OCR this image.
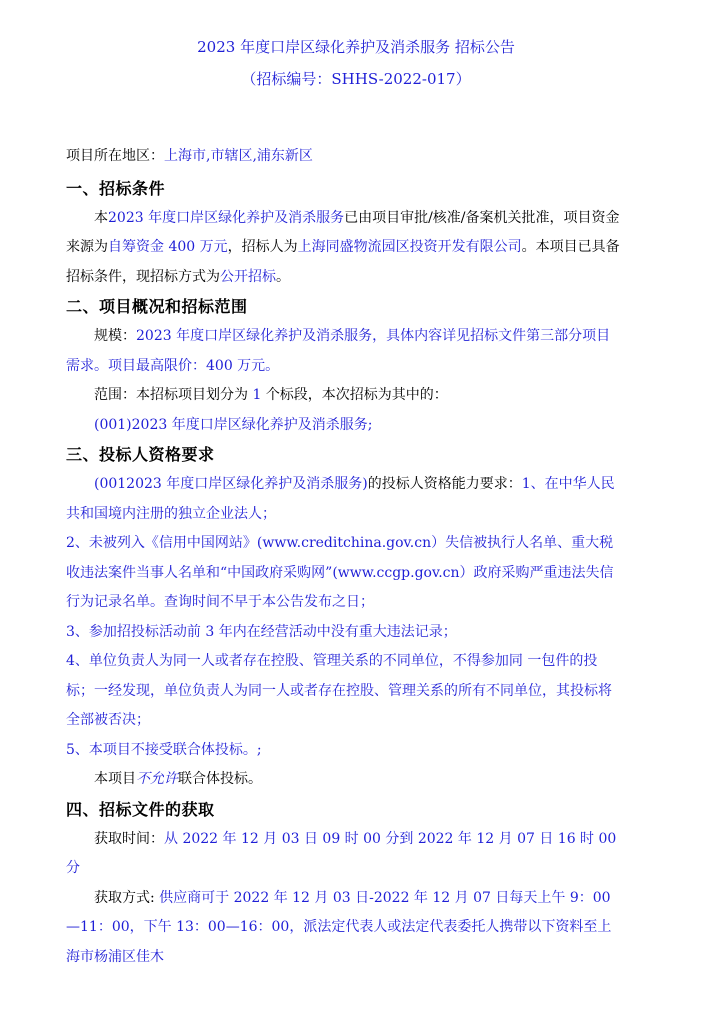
2023 年度口岸区绿化养护及消杀服务 招标公告
（招标编号：SHHS-2022-017）

项目所在地区：上海市,市辖区,浦东新区

一、招标条件

本2023 年度口岸区绿化养护及消杀服务已由项目审批/核准/备案机关批准，项目资金来源为自筹资金 400 万元，招标人为上海同盛物流园区投资开发有限公司。本项目已具备招标条件，现招标方式为公开招标。

二、项目概况和招标范围

规模：2023 年度口岸区绿化养护及消杀服务，具体内容详见招标文件第三部分项目需求。项目最高限价：400 万元。

范围：本招标项目划分为 1 个标段，本次招标为其中的：

(001)2023 年度口岸区绿化养护及消杀服务;

三、投标人资格要求

(0012023 年度口岸区绿化养护及消杀服务)的投标人资格能力要求：1、在中华人民共和国境内注册的独立企业法人；

2、未被列入《信用中国网站》(www.creditchina.gov.cn）失信被执行人名单、重大税收违法案件当事人名单和“中国政府采购网”(www.ccgp.gov.cn）政府采购严重违法失信行为记录名单。查询时间不早于本公告发布之日；

3、参加招投标活动前 3 年内在经营活动中没有重大违法记录；

4、单位负责人为同一人或者存在控股、管理关系的不同单位，不得参加同 一包件的投标；一经发现，单位负责人为同一人或者存在控股、管理关系的所有不同单位，其投标将全部被否决；

5、本项目不接受联合体投标。;

本项目不允许联合体投标。

四、招标文件的获取

获取时间：从 2022 年 12 月 03 日 09 时 00 分到 2022 年 12 月 07 日 16 时 00 分

获取方式: 供应商可于 2022 年 12 月 03 日-2022 年 12 月 07 日每天上午 9：00—11：00，下午 13：00—16：00，派法定代表人或法定代表委托人携带以下资料至上海市杨浦区佳木
